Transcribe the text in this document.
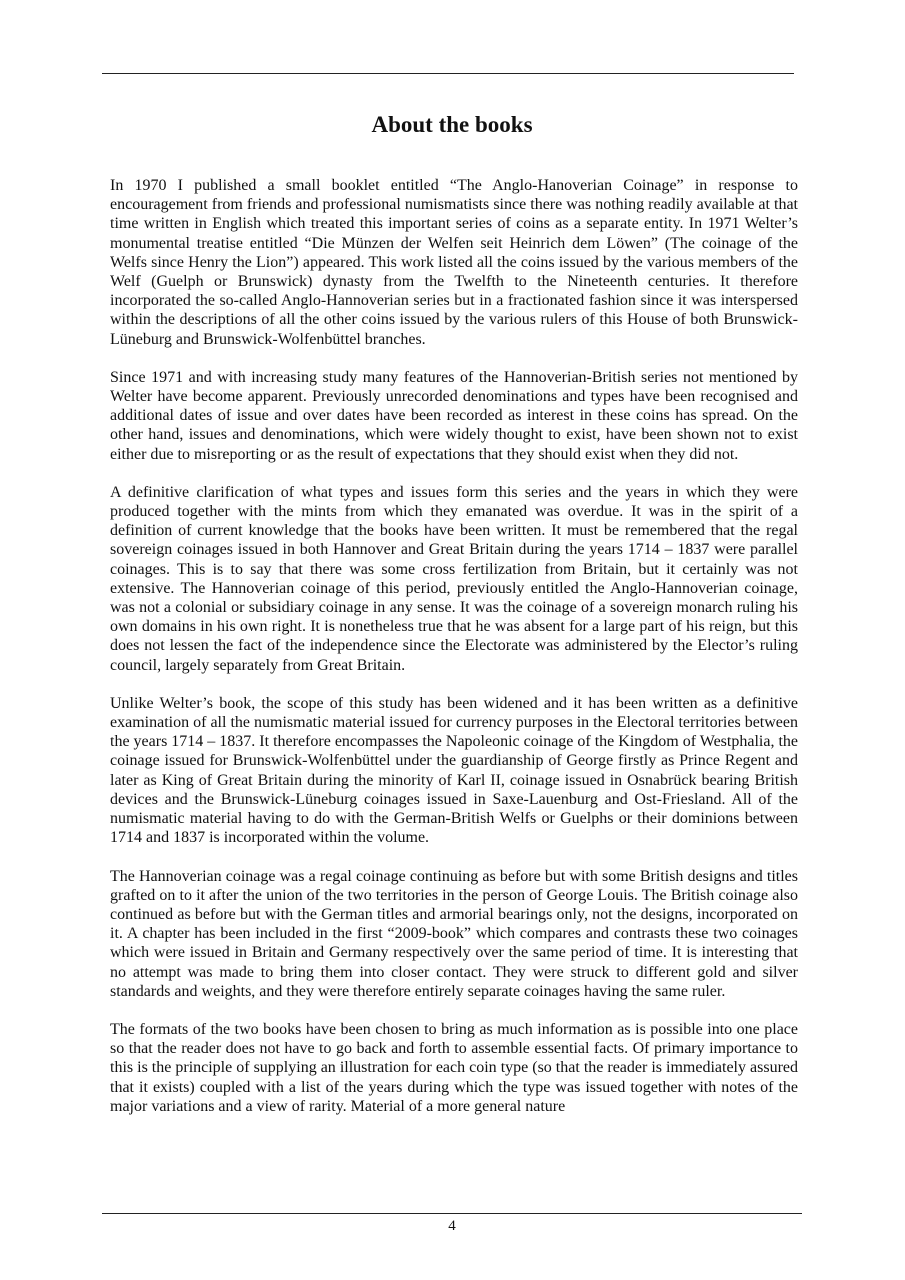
About the books

In 1970 I published a small booklet entitled “The Anglo-Hanoverian Coinage” in response to encouragement from friends and professional numismatists since there was nothing readily available at that time written in English which treated this important series of coins as a separate entity. In 1971 Welter’s monumental treatise entitled “Die Münzen der Welfen seit Heinrich dem Löwen” (The coinage of the Welfs since Henry the Lion”) appeared. This work listed all the coins issued by the various members of the Welf (Guelph or Brunswick) dynasty from the Twelfth to the Nineteenth centuries. It therefore incorporated the so-called Anglo-Hannoverian series but in a fractionated fashion since it was interspersed within the descriptions of all the other coins issued by the various rulers of this House of both Brunswick-Lüneburg and Brunswick-Wolfenbüttel branches.

Since 1971 and with increasing study many features of the Hannoverian-British series not mentioned by Welter have become apparent. Previously unrecorded denominations and types have been recognised and additional dates of issue and over dates have been recorded as interest in these coins has spread. On the other hand, issues and denominations, which were widely thought to exist, have been shown not to exist either due to misreporting or as the result of expectations that they should exist when they did not.

A definitive clarification of what types and issues form this series and the years in which they were produced together with the mints from which they emanated was overdue. It was in the spirit of a definition of current knowledge that the books have been written. It must be remembered that the regal sovereign coinages issued in both Hannover and Great Britain during the years 1714 – 1837 were parallel coinages. This is to say that there was some cross fertilization from Britain, but it certainly was not extensive. The Hannoverian coinage of this period, previously entitled the Anglo-Hannoverian coinage, was not a colonial or subsidiary coinage in any sense. It was the coinage of a sovereign monarch ruling his own domains in his own right. It is nonetheless true that he was absent for a large part of his reign, but this does not lessen the fact of the independence since the Electorate was administered by the Elector’s ruling council, largely separately from Great Britain.

Unlike Welter’s book, the scope of this study has been widened and it has been written as a definitive examination of all the numismatic material issued for currency purposes in the Electoral territories between the years 1714 – 1837. It therefore encompasses the Napoleonic coinage of the Kingdom of Westphalia, the coinage issued for Brunswick-Wolfenbüttel under the guardianship of George firstly as Prince Regent and later as King of Great Britain during the minority of Karl II, coinage issued in Osnabrück bearing British devices and the Brunswick-Lüneburg coinages issued in Saxe-Lauenburg and Ost-Friesland. All of the numismatic material having to do with the German-British Welfs or Guelphs or their dominions between 1714 and 1837 is incorporated within the volume.

The Hannoverian coinage was a regal coinage continuing as before but with some British designs and titles grafted on to it after the union of the two territories in the person of George Louis. The British coinage also continued as before but with the German titles and armorial bearings only, not the designs, incorporated on it. A chapter has been included in the first “2009-book” which compares and contrasts these two coinages which were issued in Britain and Germany respectively over the same period of time. It is interesting that no attempt was made to bring them into closer contact. They were struck to different gold and silver standards and weights, and they were therefore entirely separate coinages having the same ruler.

The formats of the two books have been chosen to bring as much information as is possible into one place so that the reader does not have to go back and forth to assemble essential facts. Of primary importance to this is the principle of supplying an illustration for each coin type (so that the reader is immediately assured that it exists) coupled with a list of the years during which the type was issued together with notes of the major variations and a view of rarity. Material of a more general nature

4
